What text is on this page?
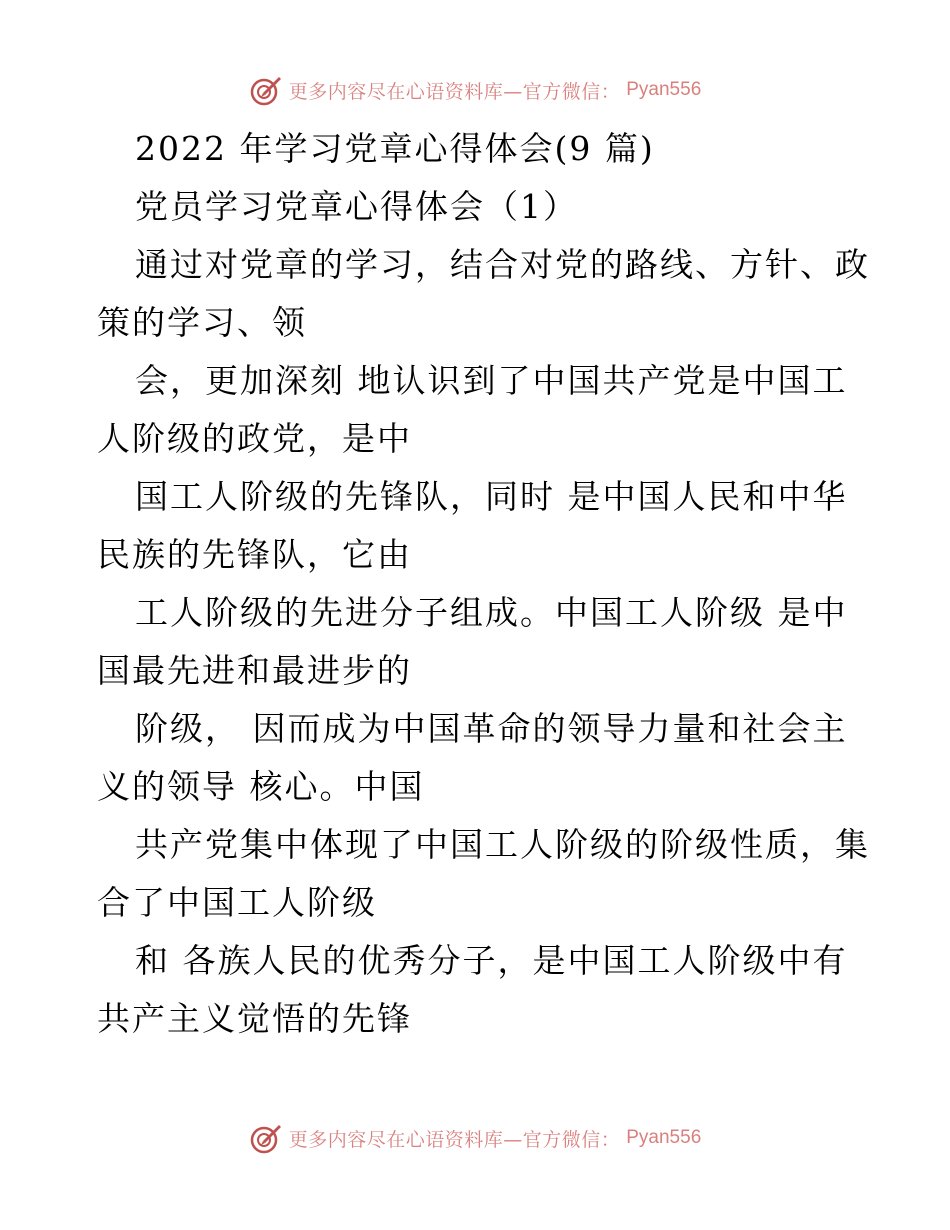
更多内容尽在心语资料库—官方微信： Pyan556
2022 年学习党章心得体会(9 篇)
党员学习党章心得体会（1）
通过对党章的学习，结合对党的路线、方针、政
策的学习、领
会，更加深刻 地认识到了中国共产党是中国工
人阶级的政党，是中
国工人阶级的先锋队，同时 是中国人民和中华
民族的先锋队，它由
工人阶级的先进分子组成。中国工人阶级 是中
国最先进和最进步的
阶级， 因而成为中国革命的领导力量和社会主
义的领导 核心。中国
共产党集中体现了中国工人阶级的阶级性质，集
合了中国工人阶级
和 各族人民的优秀分子，是中国工人阶级中有
共产主义觉悟的先锋
更多内容尽在心语资料库—官方微信： Pyan556
